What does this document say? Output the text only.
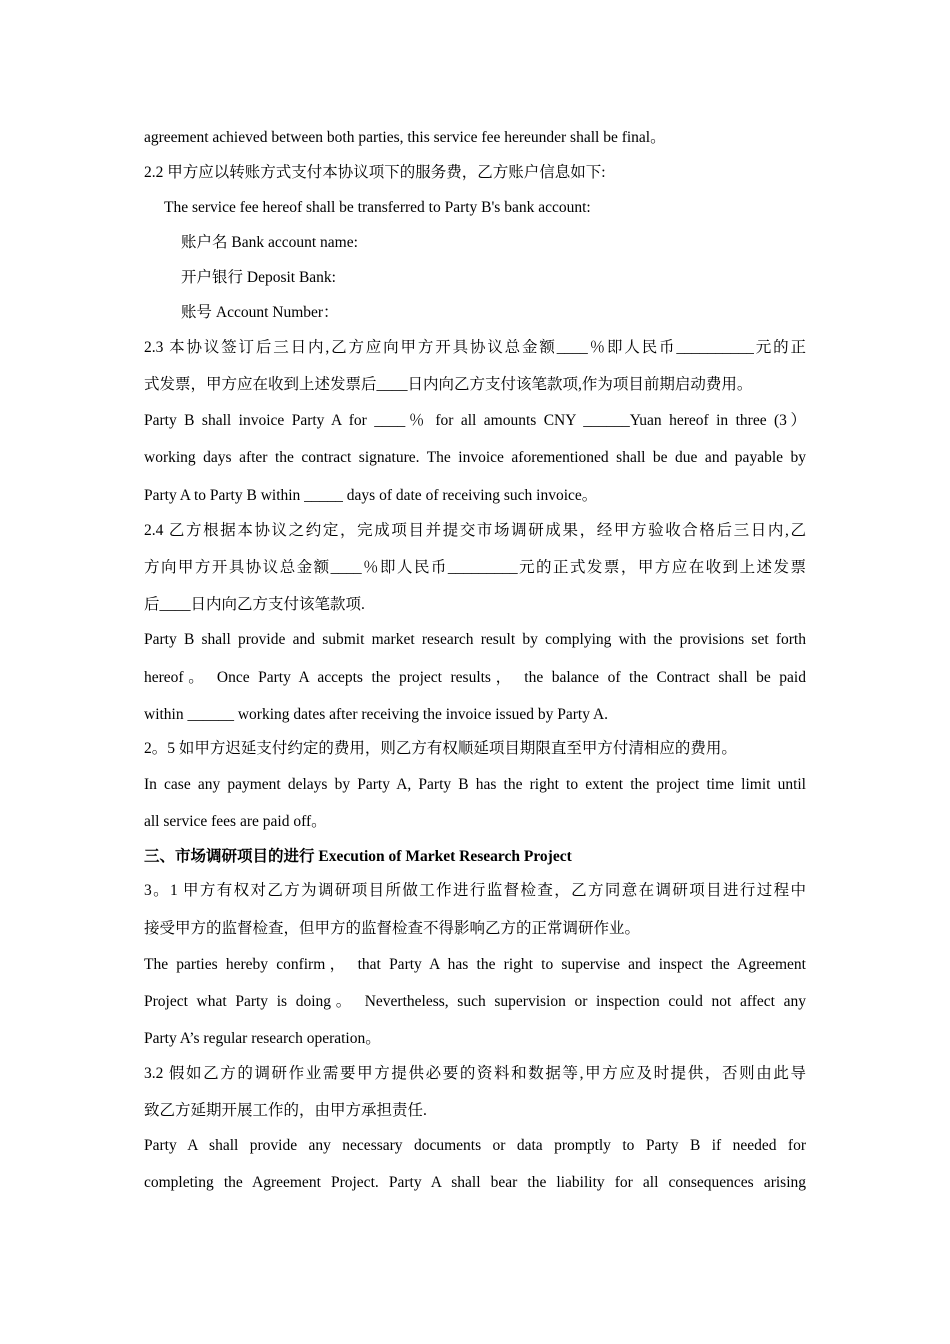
agreement achieved between both parties, this service fee hereunder shall be final。
2.2 甲方应以转账方式支付本协议项下的服务费，乙方账户信息如下:
The service fee hereof shall be transferred to Party B's bank account:
账户名 Bank account name:
开户银行 Deposit Bank:
账号 Account Number：
2.3 本协议签订后三日内,乙方应向甲方开具协议总金额____％即人民币__________元的正
式发票，甲方应在收到上述发票后____日内向乙方支付该笔款项,作为项目前期启动费用。
Party B shall invoice Party A for ____％ for all amounts CNY ______Yuan hereof in three (3）
working days after the contract signature. The invoice aforementioned shall be due and payable by
Party A to Party B within _____ days of date of receiving such invoice。
2.4 乙方根据本协议之约定，完成项目并提交市场调研成果，经甲方验收合格后三日内,乙
方向甲方开具协议总金额____％即人民币_________元的正式发票，甲方应在收到上述发票
后____日内向乙方支付该笔款项.
Party B shall provide and submit market research result by complying with the provisions set forth
hereof。 Once Party A accepts the project results， the balance of the Contract shall be paid
within ______ working dates after receiving the invoice issued by Party A.
2。5 如甲方迟延支付约定的费用，则乙方有权顺延项目期限直至甲方付清相应的费用。
In case any payment delays by Party A, Party B has the right to extent the project time limit until
all service fees are paid off。
三、市场调研项目的进行 Execution of Market Research Project
3。1 甲方有权对乙方为调研项目所做工作进行监督检查，乙方同意在调研项目进行过程中
接受甲方的监督检查，但甲方的监督检查不得影响乙方的正常调研作业。
The parties hereby confirm， that Party A has the right to supervise and inspect the Agreement
Project what Party is doing。 Nevertheless, such supervision or inspection could not affect any
Party A’s regular research operation。
3.2 假如乙方的调研作业需要甲方提供必要的资料和数据等,甲方应及时提供，否则由此导
致乙方延期开展工作的，由甲方承担责任.
Party A shall provide any necessary documents or data promptly to Party B if needed for
completing the Agreement Project. Party A shall bear the liability for all consequences arising
